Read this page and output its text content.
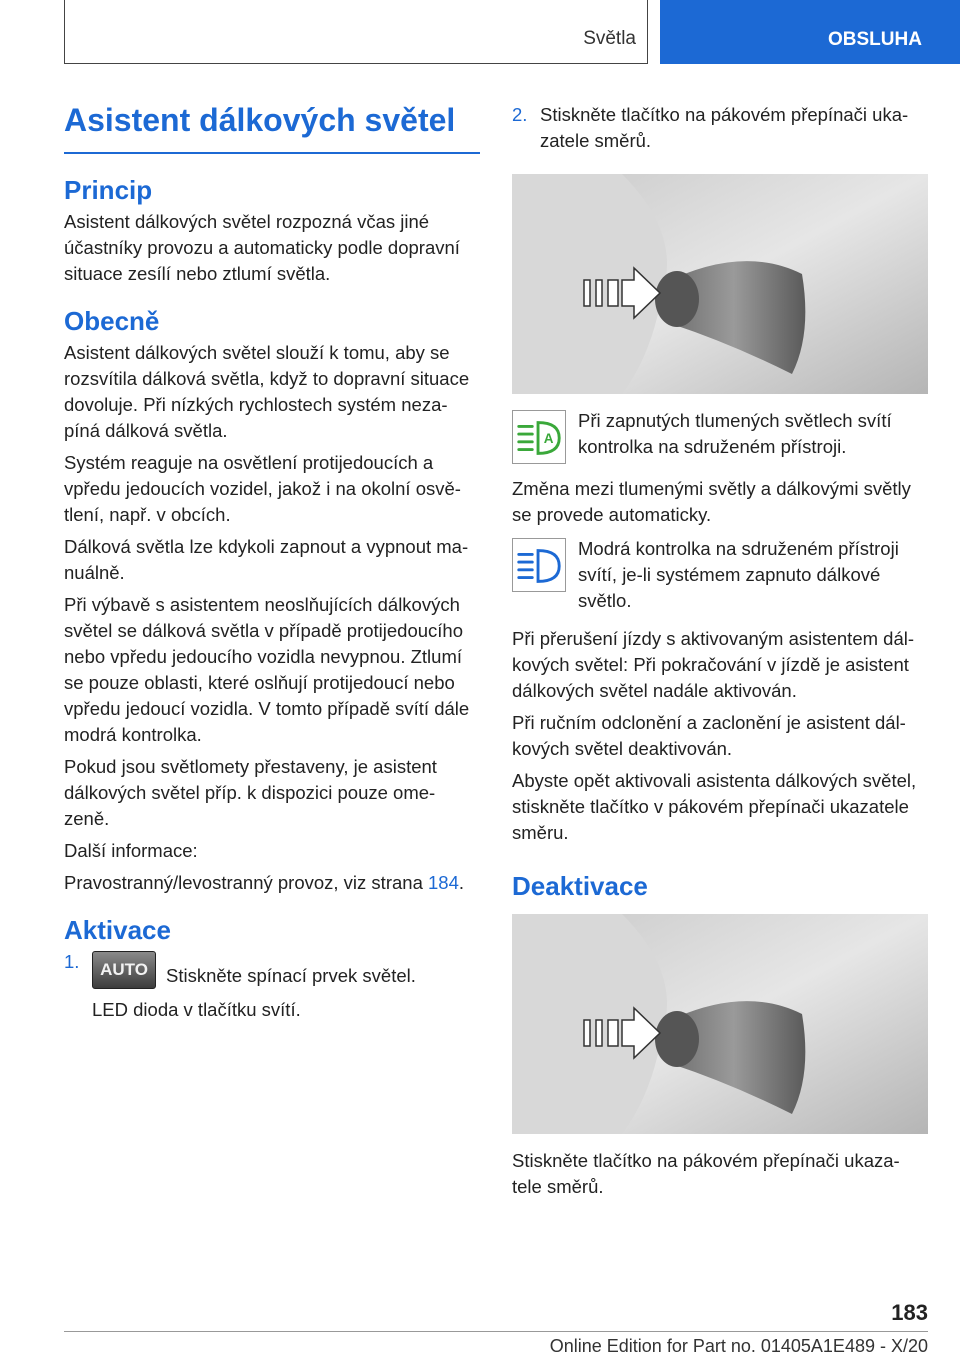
Světla	OBSLUHA
Asistent dálkových světel
Princip

Asistent dálkových světel rozpozná včas jiné účastníky provozu a automaticky podle dopravní situace zesílí nebo ztlumí světla.

Obecně

Asistent dálkových světel slouží k tomu, aby se rozsvítila dálková světla, když to dopravní situace dovoluje. Při nízkých rychlostech systém neza‐píná dálková světla.

Systém reaguje na osvětlení protijedoucích a vpředu jedoucích vozidel, jakož i na okolní osvě‐tlení, např. v obcích.

Dálková světla lze kdykoli zapnout a vypnout ma‐nuálně.

Při výbavě s asistentem neoslňujících dálkových světel se dálková světla v případě protijedoucího nebo vpředu jedoucího vozidla nevypnou. Ztlumí se pouze oblasti, které oslňují protijedoucí nebo vpředu jedoucí vozidla. V tomto případě svítí dále modrá kontrolka.

Pokud jsou světlomety přestaveny, je asistent dálkových světel příp. k dispozici pouze ome‐zeně.

Další informace:

Pravostranný/levostranný provoz, viz strana 184.

Aktivace
1.	AUTO Stiskněte spínací prvek světel.
LED dioda v tlačítku svítí.
2. Stiskněte tlačítko na pákovém přepínači uka‐zatele směrů.
A

Při zapnutých tlumených světlech svítí kontrolka na sdruženém přístroji.

Změna mezi tlumenými světly a dálkovými světly se provede automaticky.

Modrá kontrolka na sdruženém přístroji svítí, je-li systémem zapnuto dálkové světlo.

Při přerušení jízdy s aktivovaným asistentem dál‐kových světel: Při pokračování v jízdě je asistent dálkových světel nadále aktivován.

Při ručním odclonění a zaclonění je asistent dál‐kových světel deaktivován.

Abyste opět aktivovali asistenta dálkových světel, stiskněte tlačítko v pákovém přepínači ukazatele směru.

Deaktivace

Stiskněte tlačítko na pákovém přepínači ukaza‐tele směrů.

183
Online Edition for Part no. 01405A1E489 - X/20
